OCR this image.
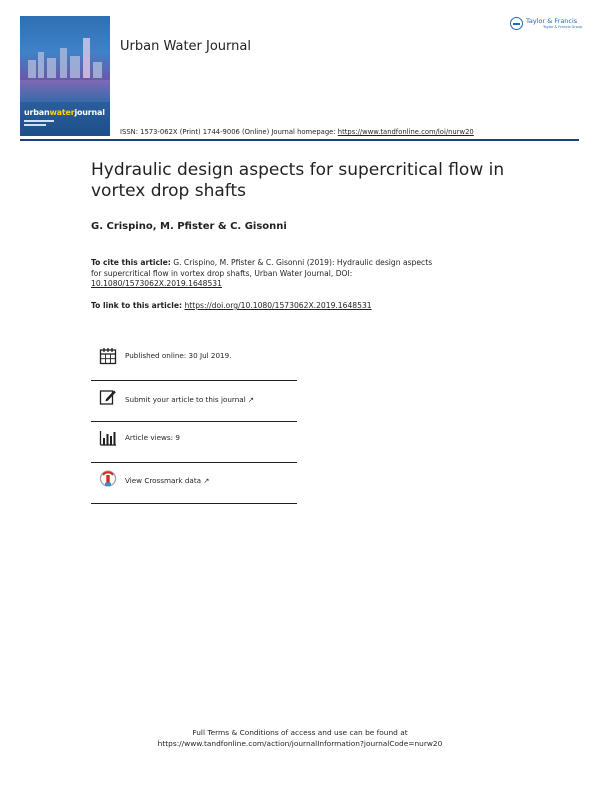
urbanwaterjournal
Urban Water Journal
Taylor & Francis
Taylor & Francis Group
ISSN: 1573-062X (Print) 1744-9006 (Online) Journal homepage: https://www.tandfonline.com/loi/nurw20
Hydraulic design aspects for supercritical flow in vortex drop shafts

G. Crispino, M. Pfister & C. Gisonni

To cite this article: G. Crispino, M. Pfister & C. Gisonni (2019): Hydraulic design aspects for supercritical flow in vortex drop shafts, Urban Water Journal, DOI: 10.1080/1573062X.2019.1648531
To link to this article: https://doi.org/10.1080/1573062X.2019.1648531
Published online: 30 Jul 2019.
Submit your article to this journal ↗
Article views: 9
View Crossmark data ↗
Full Terms & Conditions of access and use can be found at
https://www.tandfonline.com/action/journalInformation?journalCode=nurw20
